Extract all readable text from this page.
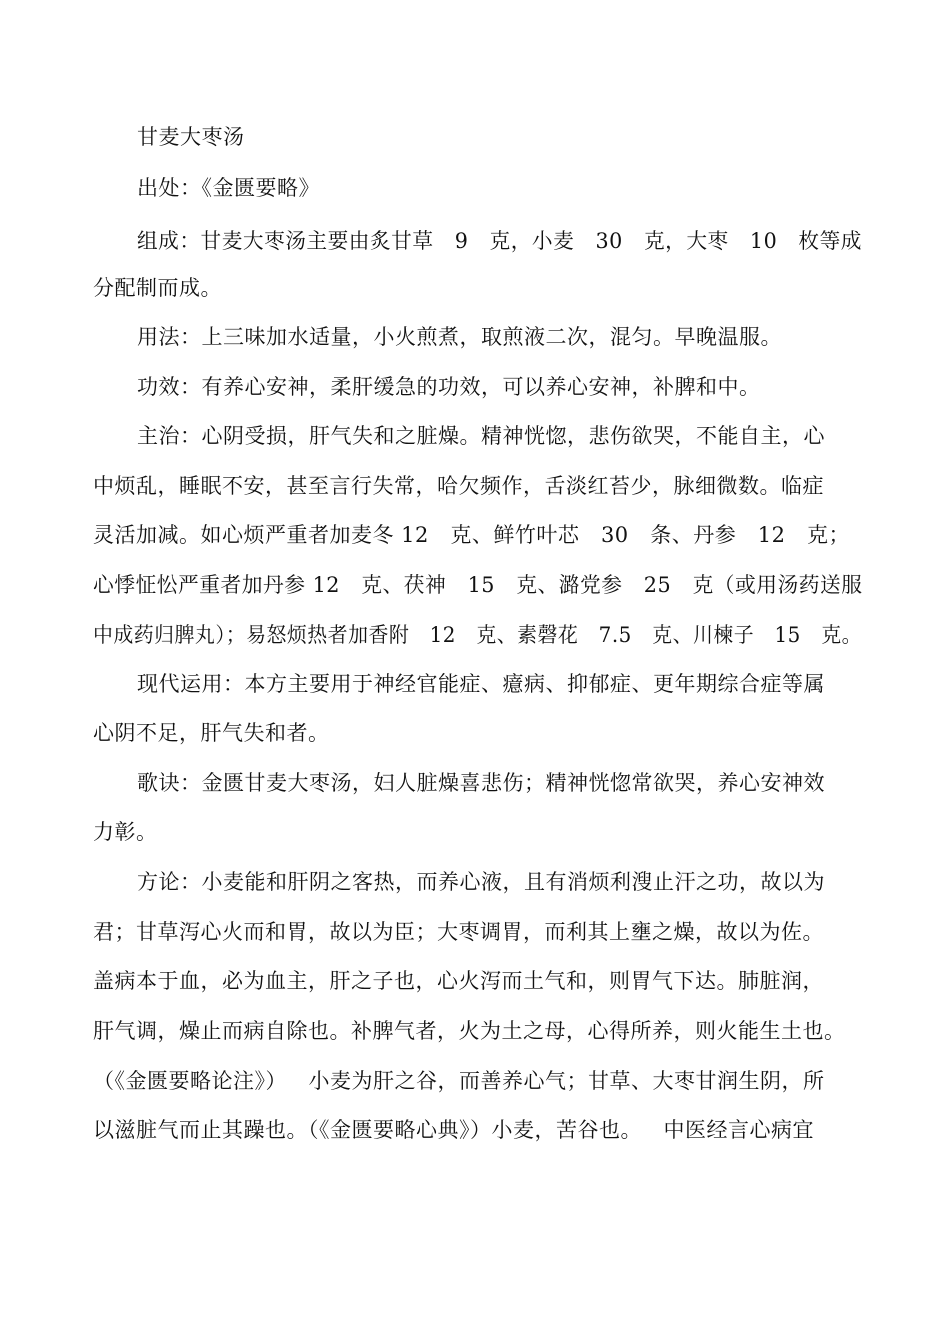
甘麦大枣汤
出处：《金匮要略》
组成：甘麦大枣汤主要由炙甘草   9   克，小麦   30   克，大枣   10   枚等成
分配制而成。
用法：上三味加水适量，小火煎煮，取煎液二次，混匀。早晚温服。
功效：有养心安神，柔肝缓急的功效，可以养心安神，补脾和中。
主治：心阴受损，肝气失和之脏燥。精神恍惚，悲伤欲哭，不能自主，心
中烦乱，睡眠不安，甚至言行失常，哈欠频作，舌淡红苔少，脉细微数。临症
灵活加减。如心烦严重者加麦冬 12   克、鲜竹叶芯   30   条、丹参   12   克；
心悸怔忪严重者加丹参 12   克、茯神   15   克、潞党参   25   克（或用汤药送服
中成药归脾丸）；易怒烦热者加香附   12   克、素磬花   7.5   克、川楝子   15   克。
现代运用：本方主要用于神经官能症、癔病、抑郁症、更年期综合症等属
心阴不足，肝气失和者。
歌诀：金匮甘麦大枣汤，妇人脏燥喜悲伤；精神恍惚常欲哭，养心安神效
力彰。
方论：小麦能和肝阴之客热，而养心液，且有消烦利溲止汗之功，故以为
君；甘草泻心火而和胃，故以为臣；大枣调胃，而利其上壅之燥，故以为佐。
盖病本于血，必为血主，肝之子也，心火泻而土气和，则胃气下达。肺脏润，
肝气调，燥止而病自除也。补脾气者，火为土之母，心得所养，则火能生土也。
（《金匮要略论注》）   小麦为肝之谷，而善养心气；甘草、大枣甘润生阴，所
以滋脏气而止其躁也。（《金匮要略心典》）小麦，苦谷也。   中医经言心病宜
